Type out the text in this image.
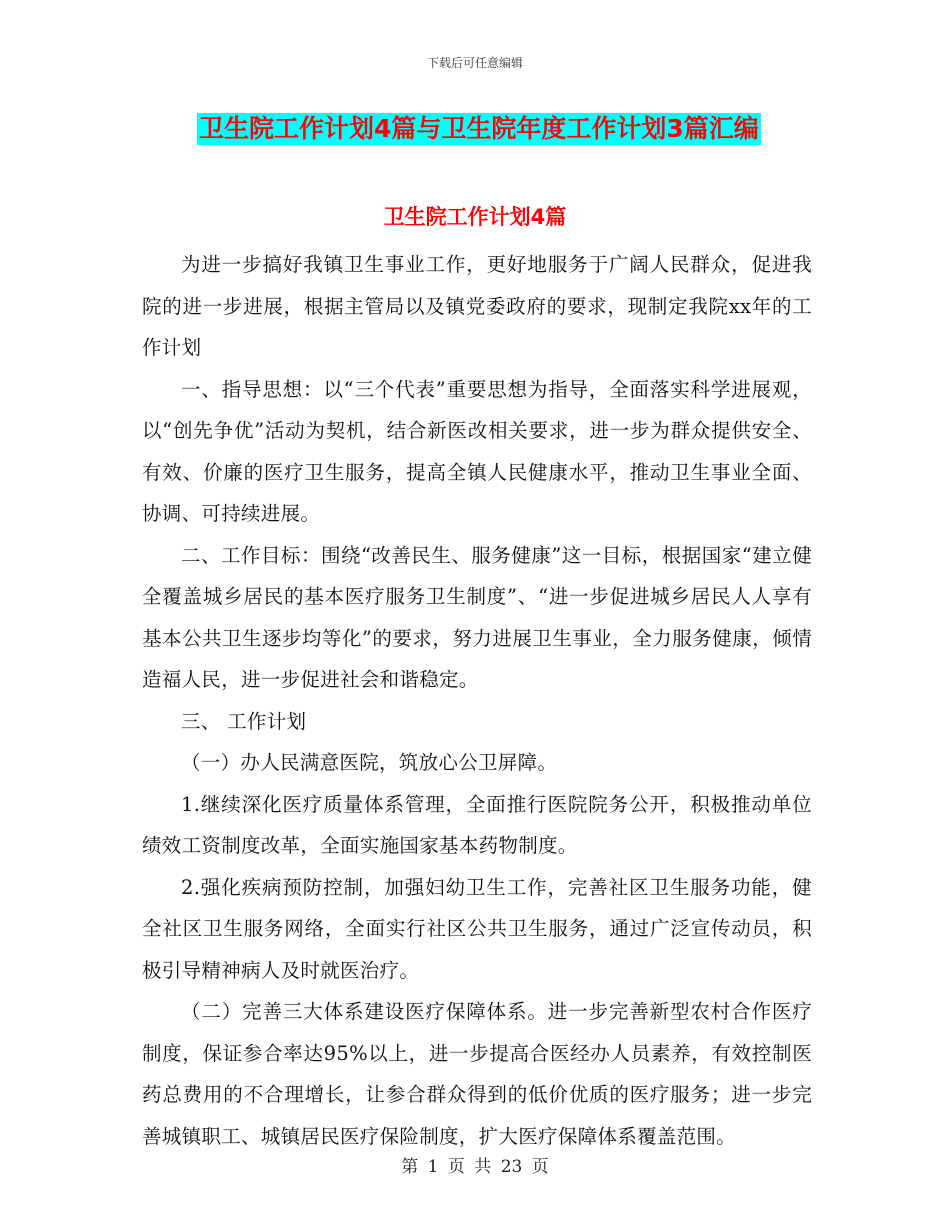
下载后可任意编辑
卫生院工作计划4篇与卫生院年度工作计划3篇汇编
卫生院工作计划4篇

为进一步搞好我镇卫生事业工作，更好地服务于广阔人民群众，促进我院的进一步进展，根据主管局以及镇党委政府的要求，现制定我院xx年的工作计划

一、指导思想：以“三个代表”重要思想为指导，全面落实科学进展观，以“创先争优”活动为契机，结合新医改相关要求，进一步为群众提供安全、有效、价廉的医疗卫生服务，提高全镇人民健康水平，推动卫生事业全面、协调、可持续进展。

二、工作目标：围绕“改善民生、服务健康”这一目标，根据国家“建立健全覆盖城乡居民的基本医疗服务卫生制度”、“进一步促进城乡居民人人享有基本公共卫生逐步均等化”的要求，努力进展卫生事业，全力服务健康，倾情造福人民，进一步促进社会和谐稳定。

三、 工作计划

（一）办人民满意医院，筑放心公卫屏障。

1.继续深化医疗质量体系管理，全面推行医院院务公开，积极推动单位绩效工资制度改革，全面实施国家基本药物制度。

2.强化疾病预防控制，加强妇幼卫生工作，完善社区卫生服务功能，健全社区卫生服务网络，全面实行社区公共卫生服务，通过广泛宣传动员，积极引导精神病人及时就医治疗。

（二）完善三大体系建设医疗保障体系。进一步完善新型农村合作医疗制度，保证参合率达95%以上，进一步提高合医经办人员素养，有效控制医药总费用的不合理增长，让参合群众得到的低价优质的医疗服务；进一步完善城镇职工、城镇居民医疗保险制度，扩大医疗保障体系覆盖范围。

第 1 页 共 23 页
